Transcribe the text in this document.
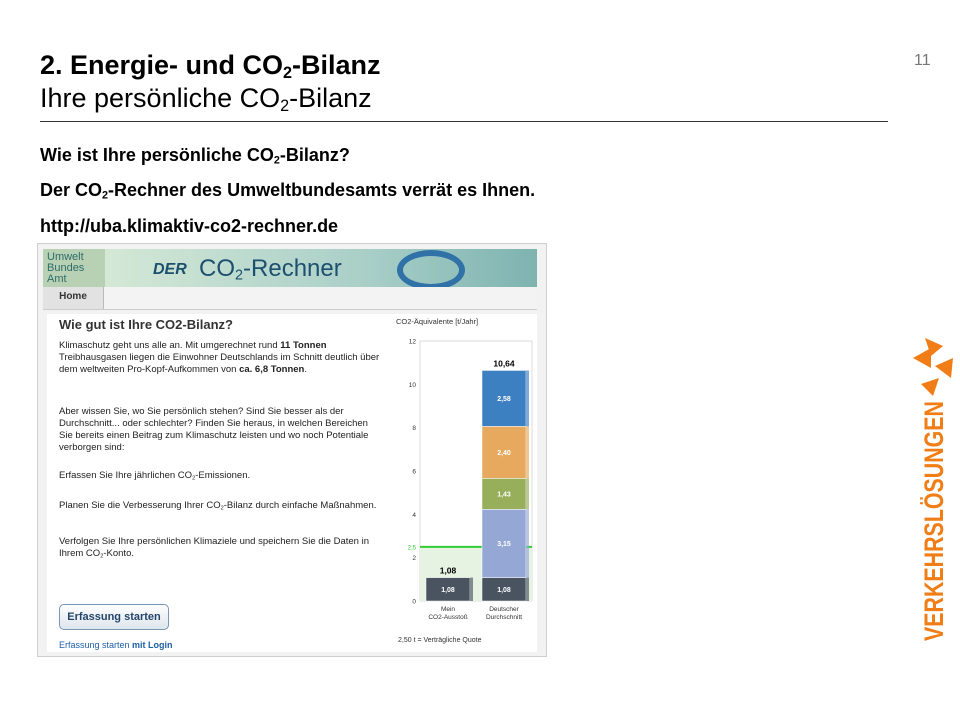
2. Energie- und $CO_2$-Bilanz
Ihre persönliche $CO_2$-Bilanz
11
Wie ist Ihre persönliche $CO_2$-Bilanz?
Der $CO_2$-Rechner des Umweltbundesamts verrät es Ihnen.
http://uba.klimaktiv-co2-rechner.de
Umwelt
Bundes
Amt
DER $CO_2$-Rechner
Home
Wie gut ist Ihre CO2-Bilanz?
Klimaschutz geht uns alle an. Mit umgerechnet rund 11 Tonnen Treibhausgasen liegen die Einwohner Deutschlands im Schnitt deutlich über dem weltweiten Pro-Kopf-Aufkommen von ca. 6,8 Tonnen.
Aber wissen Sie, wo Sie persönlich stehen? Sind Sie besser als der Durchschnitt... oder schlechter? Finden Sie heraus, in welchen Bereichen Sie bereits einen Beitrag zum Klimaschutz leisten und wo noch Potentiale verborgen sind:
Erfassen Sie Ihre jährlichen $CO_2$-Emissionen.
Planen Sie die Verbesserung Ihrer $CO_2$-Bilanz durch einfache Maßnahmen.
Verfolgen Sie Ihre persönlichen Klimaziele und speichern Sie die Daten in Ihrem $CO_2$-Konto.
Erfassung starten
Erfassung starten mit Login
CO2-Äquivalente [t/Jahr]
0
2
4
6
8
10
12
2,5
1,08
1,08
Mein
CO2-Ausstoß
1,08
3,15
1,43
2,40
2,58
10,64
Deutscher
Durchschnitt
2,50 t = Verträgliche Quote	VERKEHRSLÖSUNGEN
